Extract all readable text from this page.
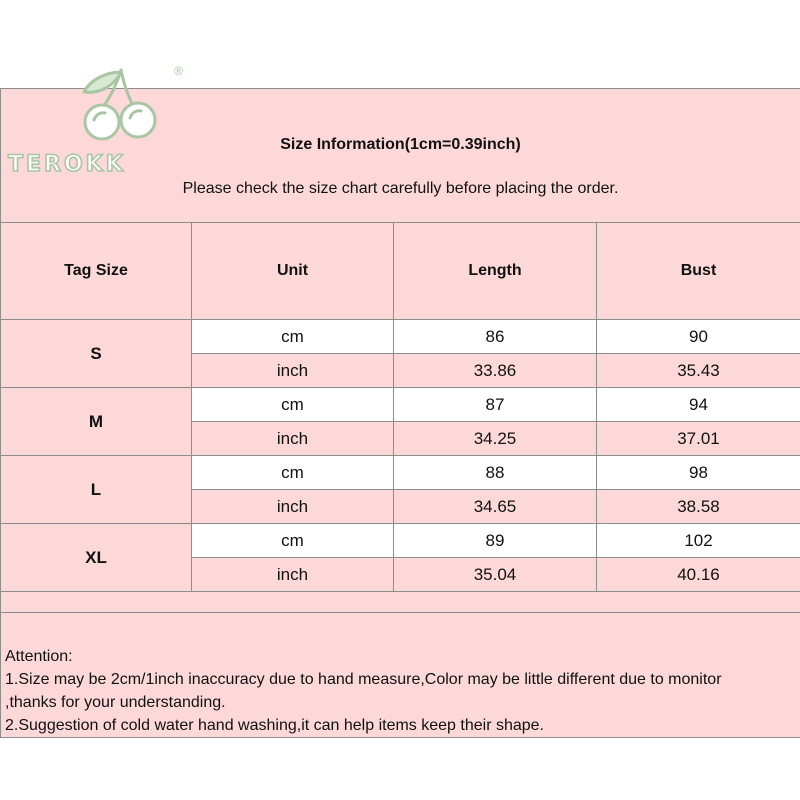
®
TEROKK
Size Information(1cm=0.39inch)
Please check the size chart carefully before placing the order.			

Tag Size	Unit	Length	Bust
S	cm	86	90
	inch	33.86	35.43
M	cm	87	94
	inch	34.25	37.01
L	cm	88	98
	inch	34.65	38.58
XL	cm	89	102
	inch	35.04	40.16

Attention:
1.Size may be 2cm/1inch inaccuracy due to hand measure,Color may be little different due to monitor
,thanks for your understanding.
2.Suggestion of cold water hand washing,it can help items keep their shape.			
